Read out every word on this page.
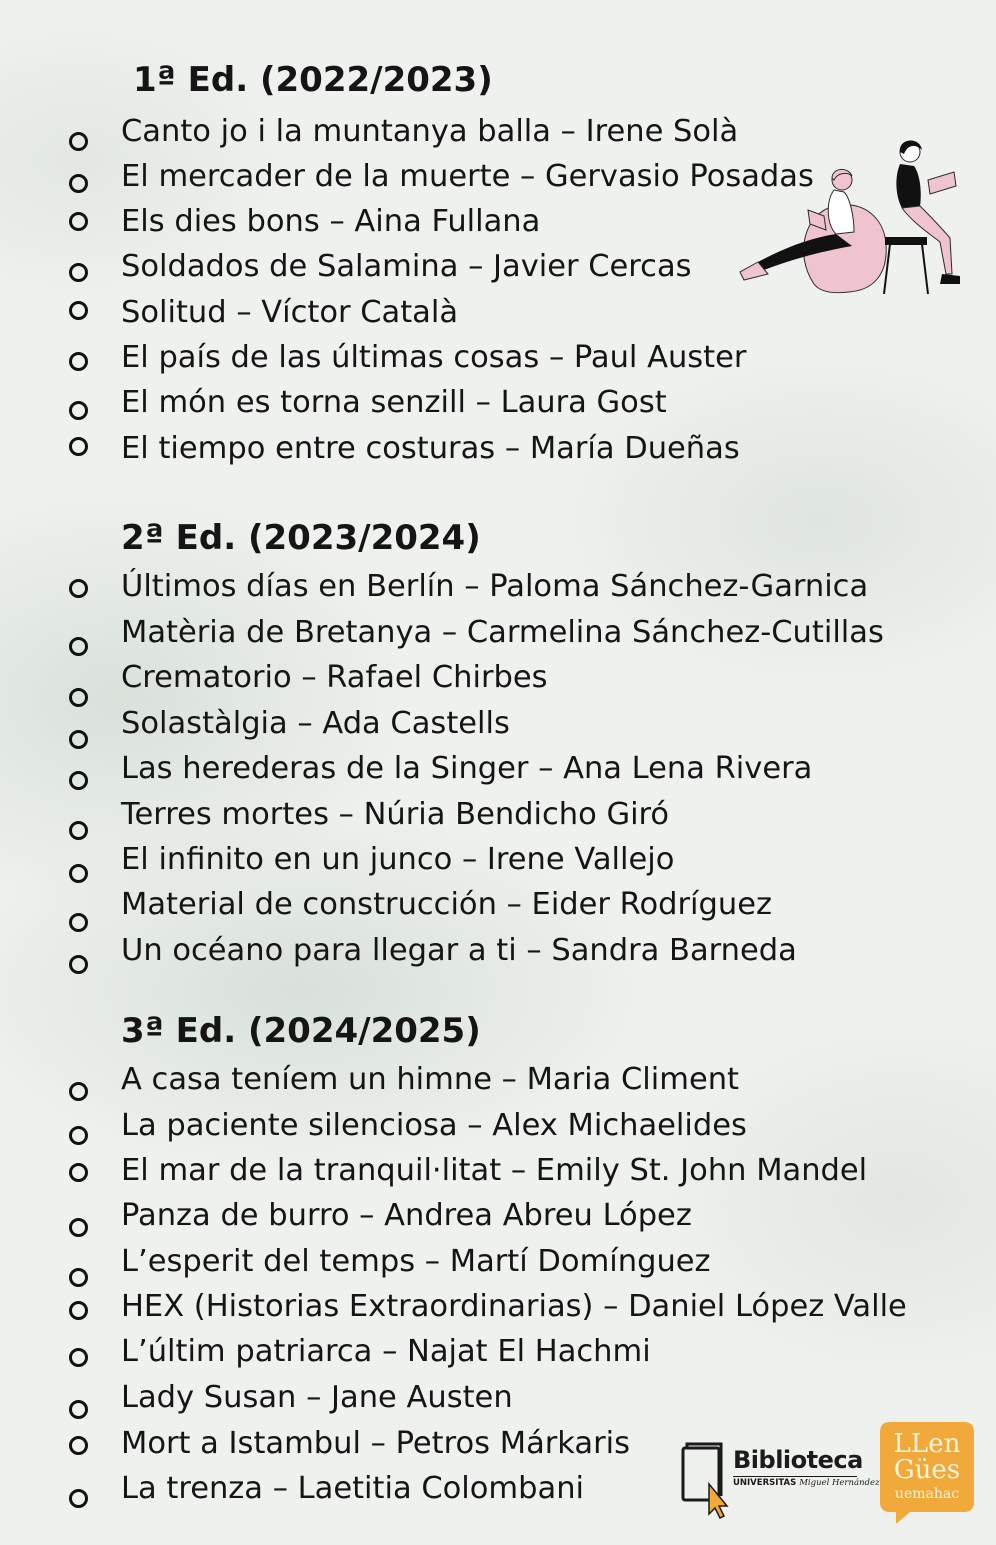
1ª Ed. (2022/2023)
Canto jo i la muntanya balla – Irene Solà
El mercader de la muerte – Gervasio Posadas
Els dies bons – Aina Fullana
Soldados de Salamina – Javier Cercas
Solitud – Víctor Català
El país de las últimas cosas – Paul Auster
El món es torna senzill – Laura Gost
El tiempo entre costuras – María Dueñas
2ª Ed. (2023/2024)
Últimos días en Berlín – Paloma Sánchez-Garnica
Matèria de Bretanya – Carmelina Sánchez-Cutillas
Crematorio – Rafael Chirbes
Solastàlgia – Ada Castells
Las herederas de la Singer – Ana Lena Rivera
Terres mortes – Núria Bendicho Giró
El infinito en un junco – Irene Vallejo
Material de construcción – Eider Rodríguez
Un océano para llegar a ti – Sandra Barneda
3ª Ed. (2024/2025)
A casa teníem un himne – Maria Climent
La paciente silenciosa – Alex Michaelides
El mar de la tranquil·litat – Emily St. John Mandel
Panza de burro – Andrea Abreu López
L’esperit del temps – Martí Domínguez
HEX (Historias Extraordinarias) – Daniel López Valle
L’últim patriarca – Najat El Hachmi
Lady Susan – Jane Austen
Mort a Istambul – Petros Márkaris
La trenza – Laetitia Colombani
Biblioteca
UNIVERSITAS Miguel Hernández
LLen
Gües
uemahac
